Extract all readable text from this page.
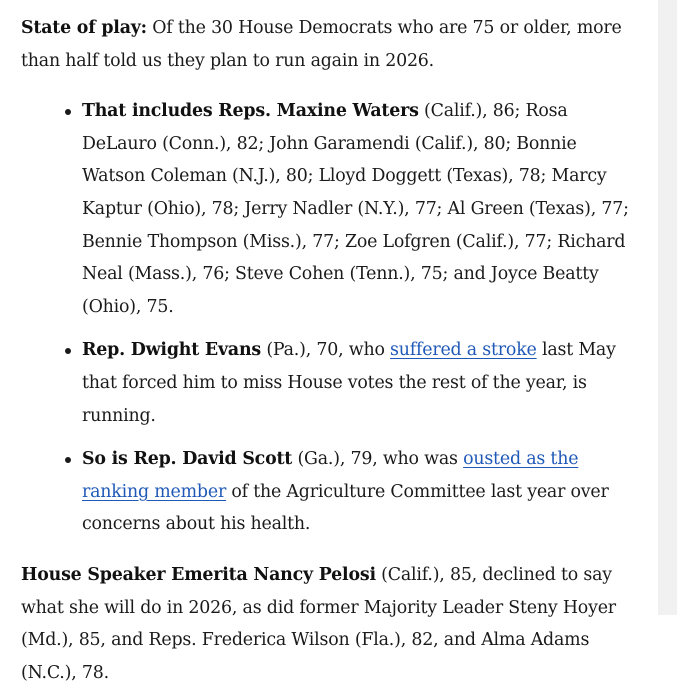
State of play: Of the 30 House Democrats who are 75 or older, more than half told us they plan to run again in 2026.

That includes Reps. Maxine Waters (Calif.), 86; Rosa DeLauro (Conn.), 82; John Garamendi (Calif.), 80; Bonnie Watson Coleman (N.J.), 80; Lloyd Doggett (Texas), 78; Marcy Kaptur (Ohio), 78; Jerry Nadler (N.Y.), 77; Al Green (Texas), 77; Bennie Thompson (Miss.), 77; Zoe Lofgren (Calif.), 77; Richard Neal (Mass.), 76; Steve Cohen (Tenn.), 75; and Joyce Beatty (Ohio), 75.
Rep. Dwight Evans (Pa.), 70, who suffered a stroke last May that forced him to miss House votes the rest of the year, is running.
So is Rep. David Scott (Ga.), 79, who was ousted as the ranking member of the Agriculture Committee last year over concerns about his health.

House Speaker Emerita Nancy Pelosi (Calif.), 85, declined to say what she will do in 2026, as did former Majority Leader Steny Hoyer (Md.), 85, and Reps. Frederica Wilson (Fla.), 82, and Alma Adams (N.C.), 78.
